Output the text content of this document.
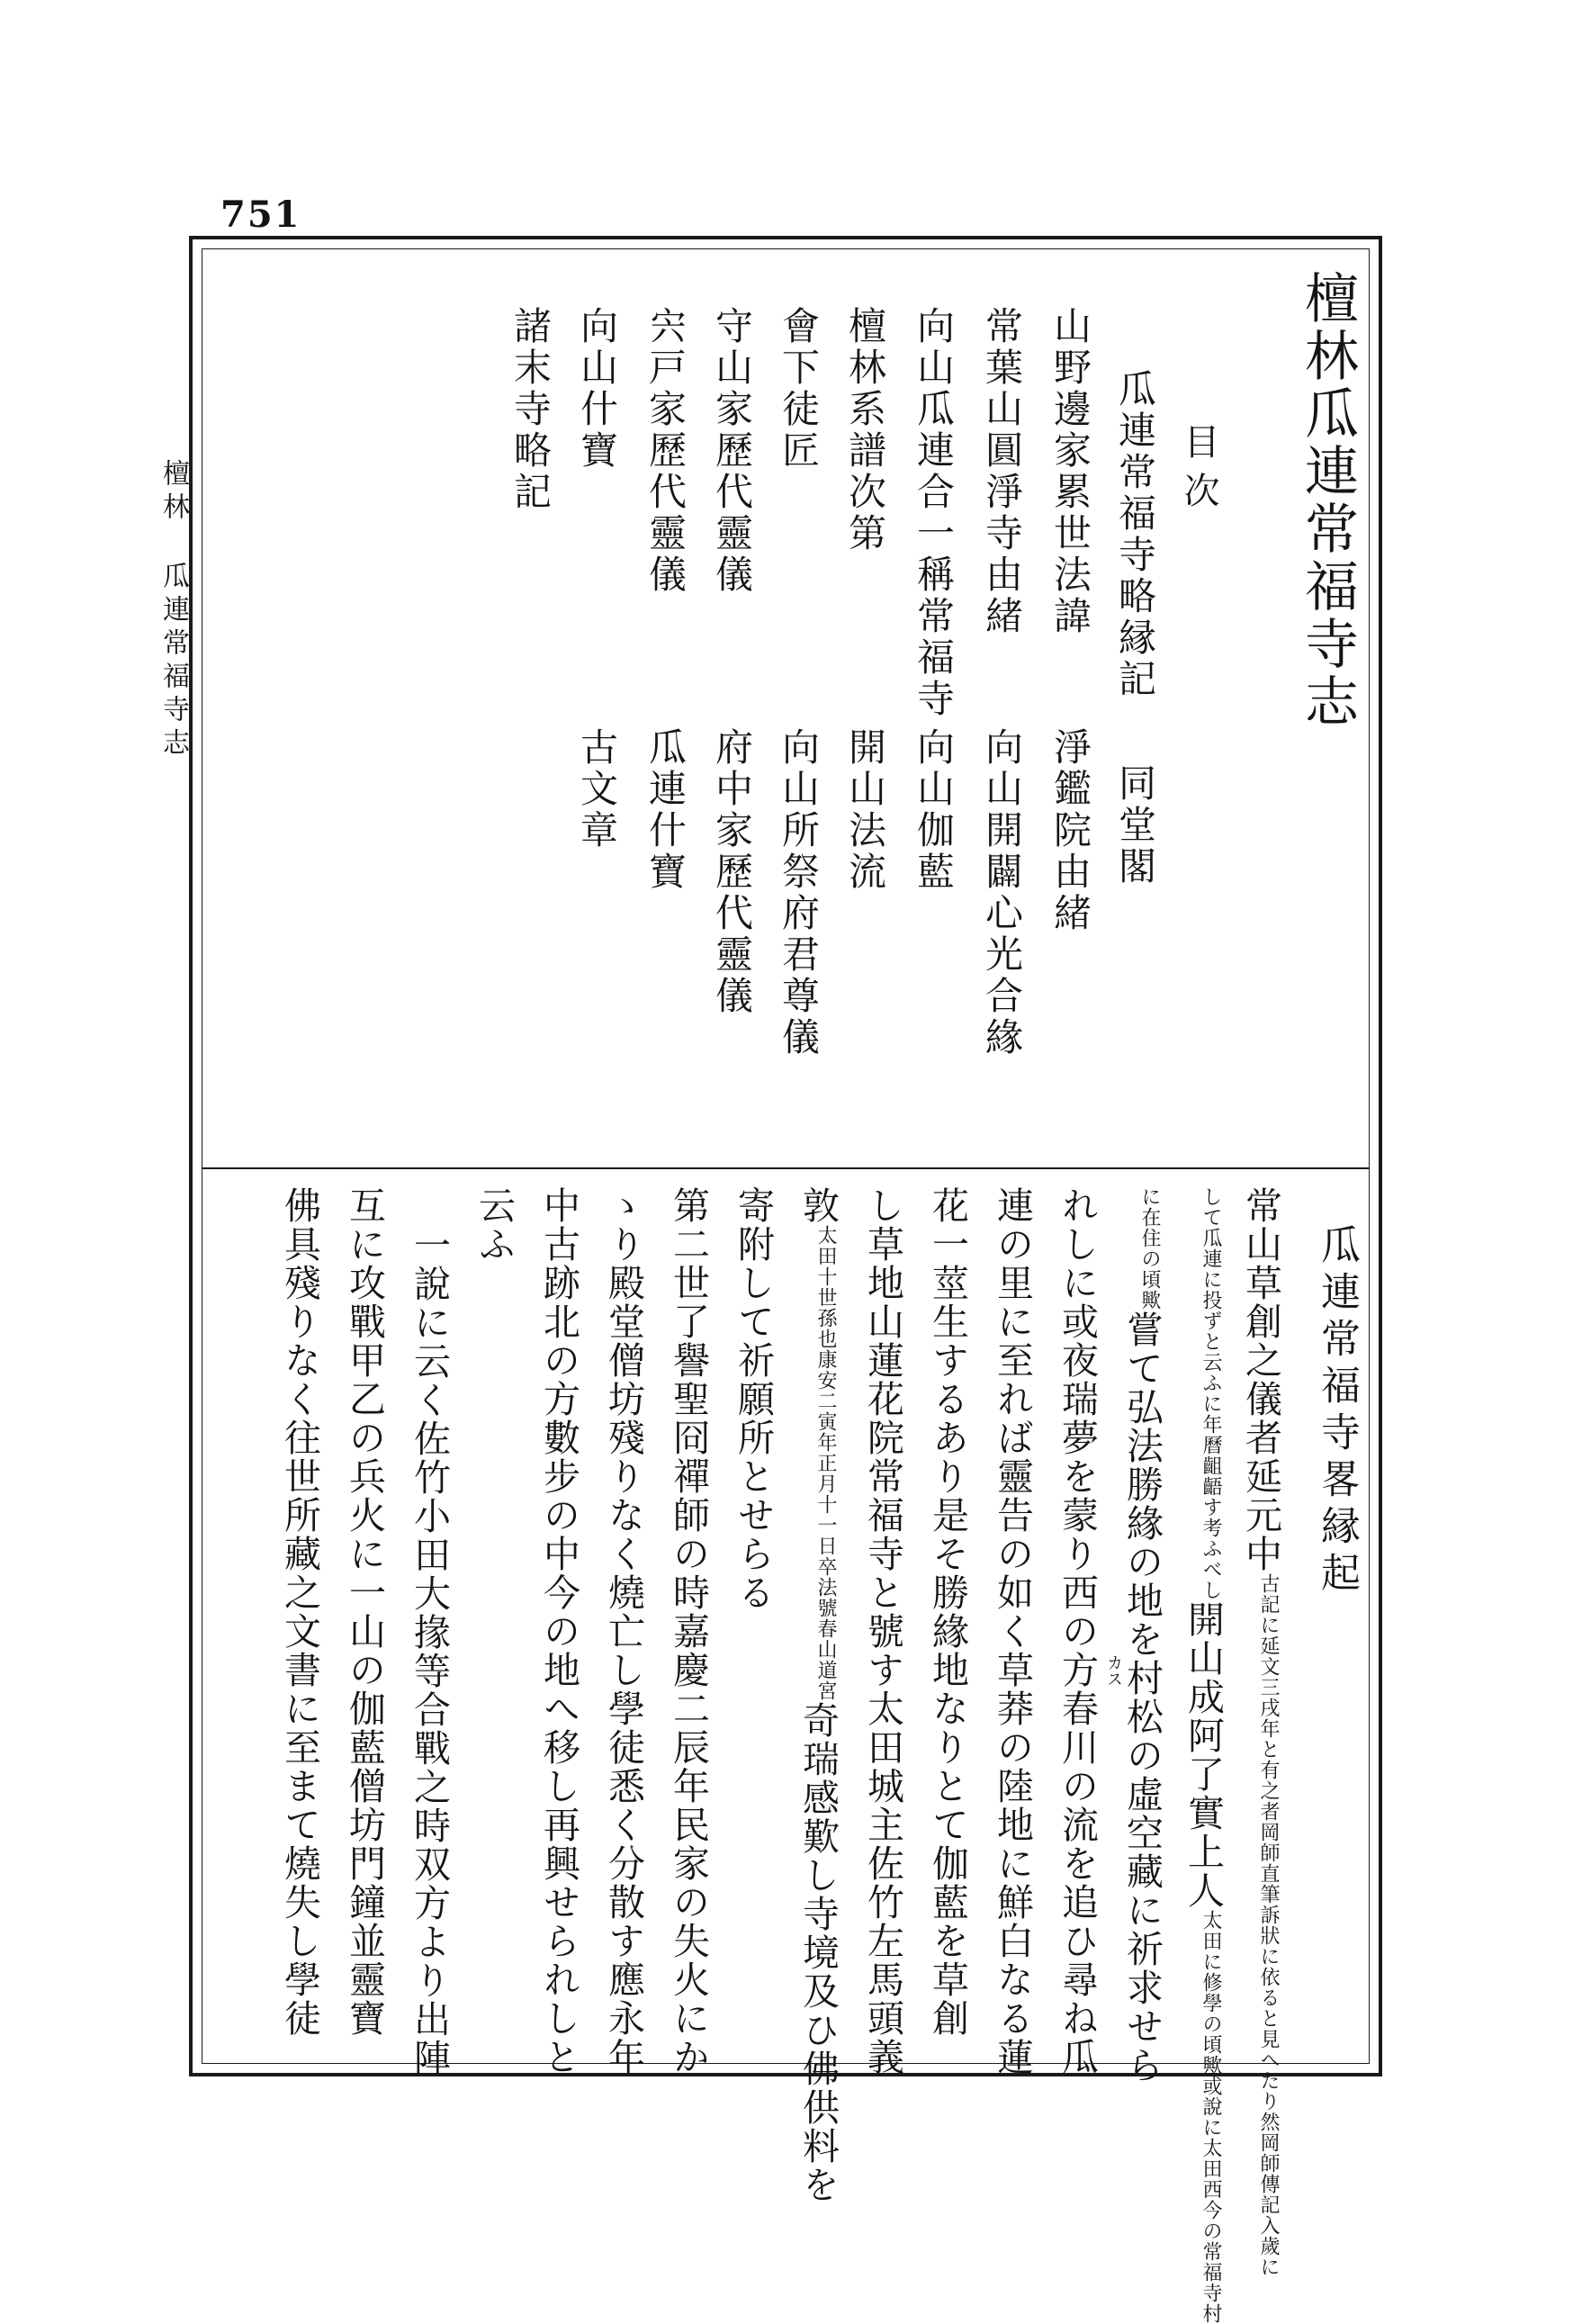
751
檀林瓜連常福寺志	檀林瓜連常福寺志
目次
瓜連常福寺略縁記
同堂閣
山野邊家累世法諱
淨鑑院由緒
常葉山圓淨寺由緒
向山開闢心光合緣
向山瓜連合一稱常福寺
向山伽藍
檀林系譜次第
開山法流
會下徒匠
向山所祭府君尊儀
守山家歷代靈儀
府中家歷代靈儀
宍戸家歷代靈儀
瓜連什寶
向山什寶
古文章
諸末寺略記
瓜連常福寺畧縁起
常山草創之儀者延元中古記に延文三戌年と有之者岡師直筆訴狀に依ると見へたり然岡師傳記入歲に
して瓜連に投ずと云ふに年曆齟齬す考ふべし開山成阿了實上人太田に修學の頃歟或說に太田西今の常福寺村
に在住の頃歟嘗て弘法勝緣の地を村松の虛空藏に祈求せら
カス
れしに或夜瑞夢を蒙り西の方春川の流を追ひ尋ね瓜
連の里に至れば靈告の如く草莽の陸地に鮮白なる蓮
花一莖生するあり是そ勝緣地なりとて伽藍を草創
し草地山蓮花院常福寺と號す太田城主佐竹左馬頭義
敦太田十世孫也康安二寅年正月十一日卒法號春山道宮奇瑞感歎し寺境及ひ佛供料を
寄附して祈願所とせらる
第二世了譽聖冏禪師の時嘉慶二辰年民家の失火にか
ゝり殿堂僧坊殘りなく燒亡し學徒悉く分散す應永年
中古跡北の方數步の中今の地へ移し再興せられしと
云ふ
一說に云く佐竹小田大掾等合戰之時双方より出陣
互に攻戰甲乙の兵火に一山の伽藍僧坊門鐘並靈寶
佛具殘りなく往世所藏之文書に至まて燒失し學徒
